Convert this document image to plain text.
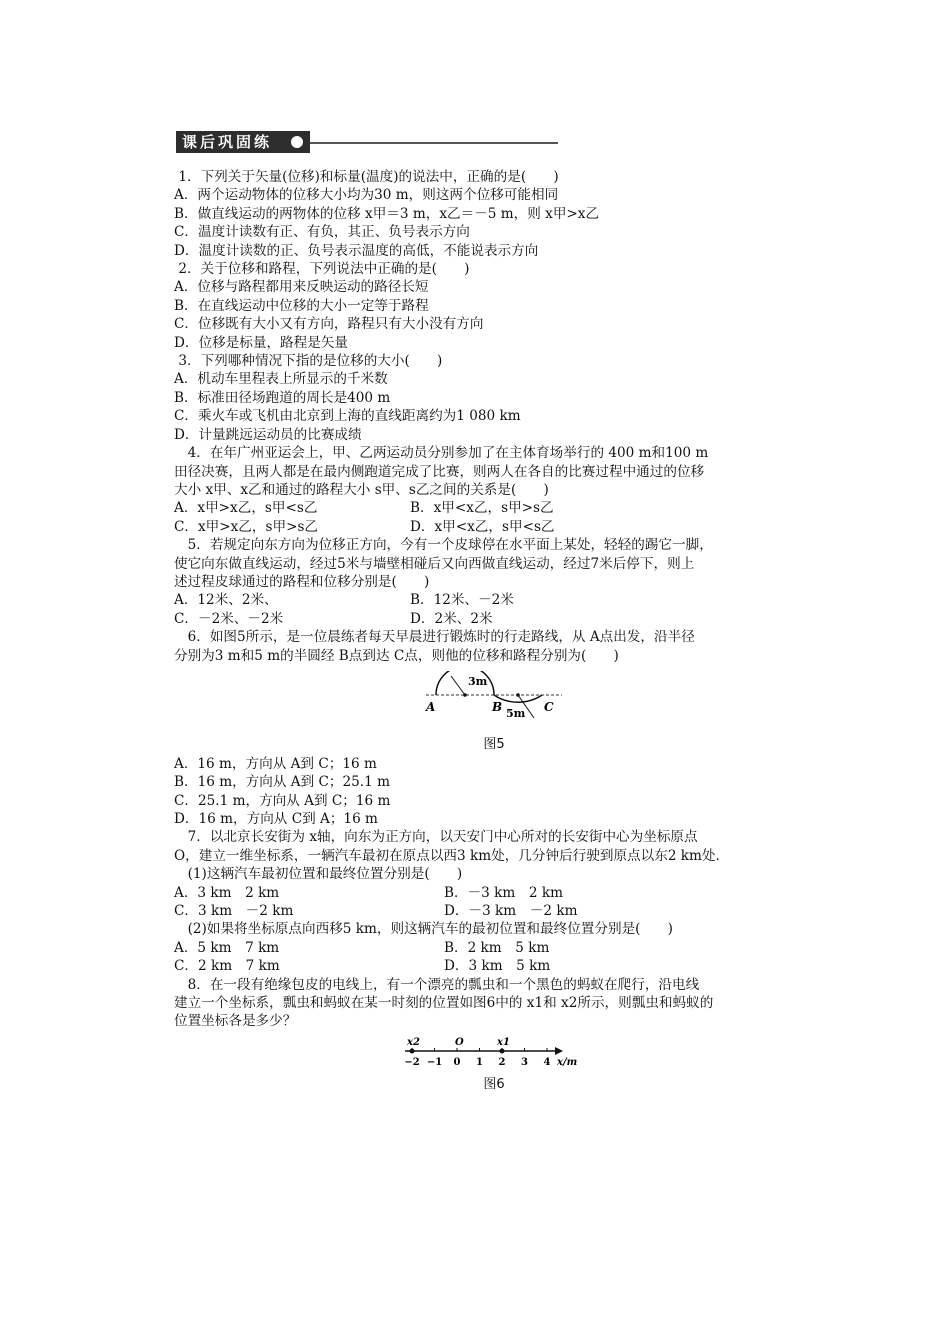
课后巩固练
1．下列关于矢量(位移)和标量(温度)的说法中，正确的是(　　)
A．两个运动物体的位移大小均为30 m，则这两个位移可能相同
B．做直线运动的两物体的位移 x甲＝3 m，x乙＝－5 m，则 x甲>x乙
C．温度计读数有正、有负，其正、负号表示方向
D．温度计读数的正、负号表示温度的高低，不能说表示方向
2．关于位移和路程，下列说法中正确的是(　　)
A．位移与路程都用来反映运动的路径长短
B．在直线运动中位移的大小一定等于路程
C．位移既有大小又有方向，路程只有大小没有方向
D．位移是标量，路程是矢量
3．下列哪种情况下指的是位移的大小(　　)
A．机动车里程表上所显示的千米数
B．标准田径场跑道的周长是400 m
C．乘火车或飞机由北京到上海的直线距离约为1 080 km
D．计量跳远运动员的比赛成绩
　4．在年广州亚运会上，甲、乙两运动员分别参加了在主体育场举行的 400 m和100 m
田径决赛，且两人都是在最内侧跑道完成了比赛，则两人在各自的比赛过程中通过的位移
大小 x甲、x乙和通过的路程大小 s甲、s乙之间的关系是(　　)
A．x甲>x乙，s甲<s乙	B．x甲<x乙，s甲>s乙
C．x甲>x乙，s甲>s乙	D．x甲<x乙，s甲<s乙
　5．若规定向东方向为位移正方向，今有一个皮球停在水平面上某处，轻轻的踢它一脚，
使它向东做直线运动，经过5米与墙壁相碰后又向西做直线运动，经过7米后停下，则上
述过程皮球通过的路程和位移分别是(　　)
A．12米、2米、	B．12米、－2米
C．－2米、－2米	D．2米、2米
　6．如图5所示，是一位晨练者每天早晨进行锻炼时的行走路线，从 A点出发，沿半径
分别为3 m和5 m的半圆经 B点到达 C点，则他的位移和路程分别为(　　)
3m
5m
A	B	C
图5
A．16 m，方向从 A到 C；16 m
B．16 m，方向从 A到 C；25.1 m
C．25.1 m，方向从 A到 C；16 m
D．16 m，方向从 C到 A；16 m
　7．以北京长安街为 x轴，向东为正方向，以天安门中心所对的长安街中心为坐标原点
O，建立一维坐标系，一辆汽车最初在原点以西3 km处，几分钟后行驶到原点以东2 km处.
　(1)这辆汽车最初位置和最终位置分别是(　　)
A．3 km　2 km	B．－3 km　2 km
C．3 km　－2 km	D．－3 km　－2 km
　(2)如果将坐标原点向西移5 km，则这辆汽车的最初位置和最终位置分别是(　　)
A．5 km　7 km	B．2 km　5 km
C．2 km　7 km	D．3 km　5 km
　8．在一段有绝缘包皮的电线上，有一个漂亮的瓢虫和一个黑色的蚂蚁在爬行，沿电线
建立一个坐标系，瓢虫和蚂蚁在某一时刻的位置如图6中的 x1和 x2所示，则瓢虫和蚂蚁的
位置坐标各是多少？
−2 −1 0 1 2 3 4
x2	O	x1
x/m
图6
